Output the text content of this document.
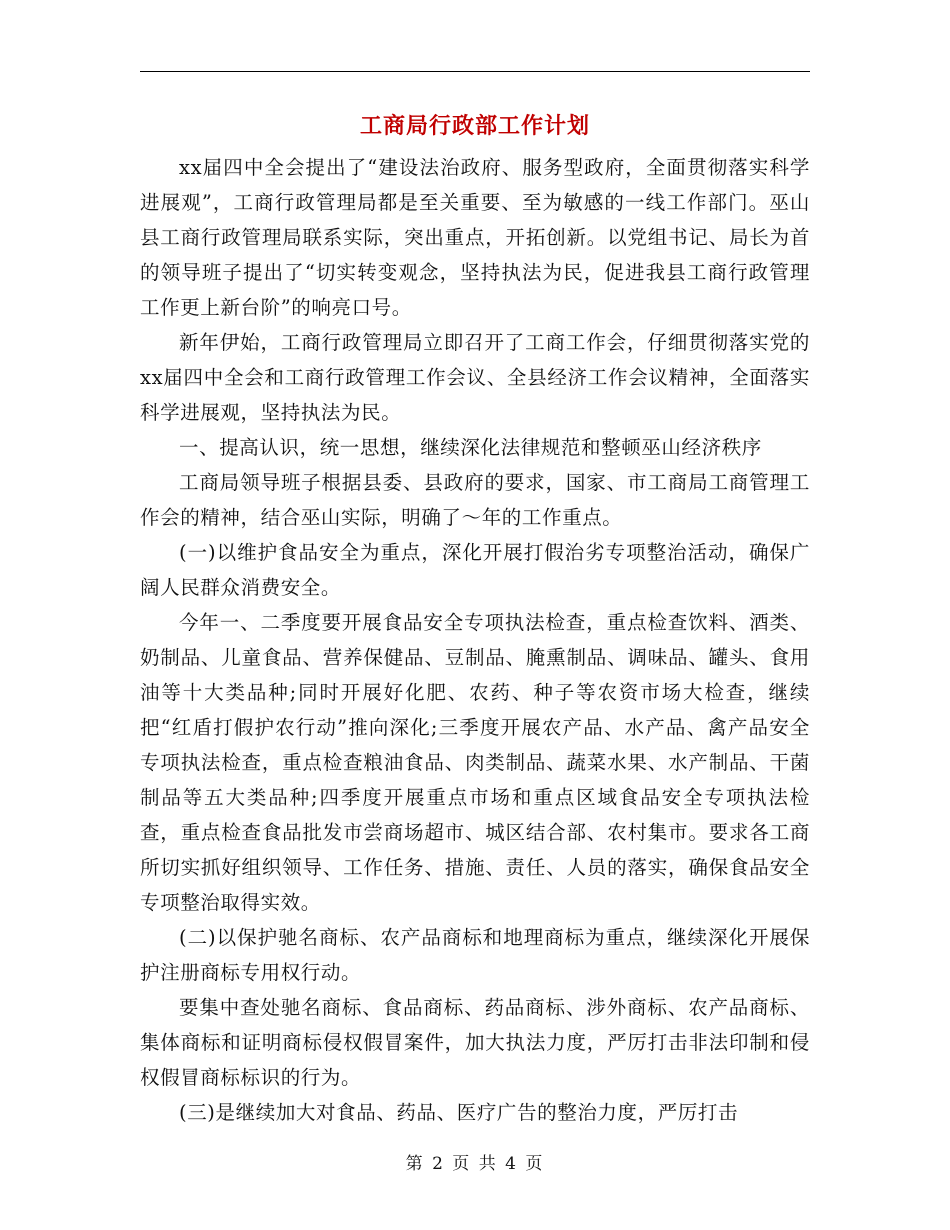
工商局行政部工作计划

xx届四中全会提出了“建设法治政府、服务型政府，全面贯彻落实科学进展观”，工商行政管理局都是至关重要、至为敏感的一线工作部门。巫山县工商行政管理局联系实际，突出重点，开拓创新。以党组书记、局长为首的领导班子提出了“切实转变观念，坚持执法为民，促进我县工商行政管理工作更上新台阶”的响亮口号。

新年伊始，工商行政管理局立即召开了工商工作会，仔细贯彻落实党的xx届四中全会和工商行政管理工作会议、全县经济工作会议精神，全面落实科学进展观，坚持执法为民。

一、提高认识，统一思想，继续深化法律规范和整顿巫山经济秩序

工商局领导班子根据县委、县政府的要求，国家、市工商局工商管理工作会的精神，结合巫山实际，明确了～年的工作重点。

(一)以维护食品安全为重点，深化开展打假治劣专项整治活动，确保广阔人民群众消费安全。

今年一、二季度要开展食品安全专项执法检查，重点检查饮料、酒类、奶制品、儿童食品、营养保健品、豆制品、腌熏制品、调味品、罐头、食用油等十大类品种;同时开展好化肥、农药、种子等农资市场大检查，继续把“红盾打假护农行动”推向深化;三季度开展农产品、水产品、禽产品安全专项执法检查，重点检查粮油食品、肉类制品、蔬菜水果、水产制品、干菌制品等五大类品种;四季度开展重点市场和重点区域食品安全专项执法检查，重点检查食品批发市尝商场超市、城区结合部、农村集市。要求各工商所切实抓好组织领导、工作任务、措施、责任、人员的落实，确保食品安全专项整治取得实效。

(二)以保护驰名商标、农产品商标和地理商标为重点，继续深化开展保护注册商标专用权行动。

要集中查处驰名商标、食品商标、药品商标、涉外商标、农产品商标、集体商标和证明商标侵权假冒案件，加大执法力度，严厉打击非法印制和侵权假冒商标标识的行为。

(三)是继续加大对食品、药品、医疗广告的整治力度，严厉打击

第 2 页 共 4 页
